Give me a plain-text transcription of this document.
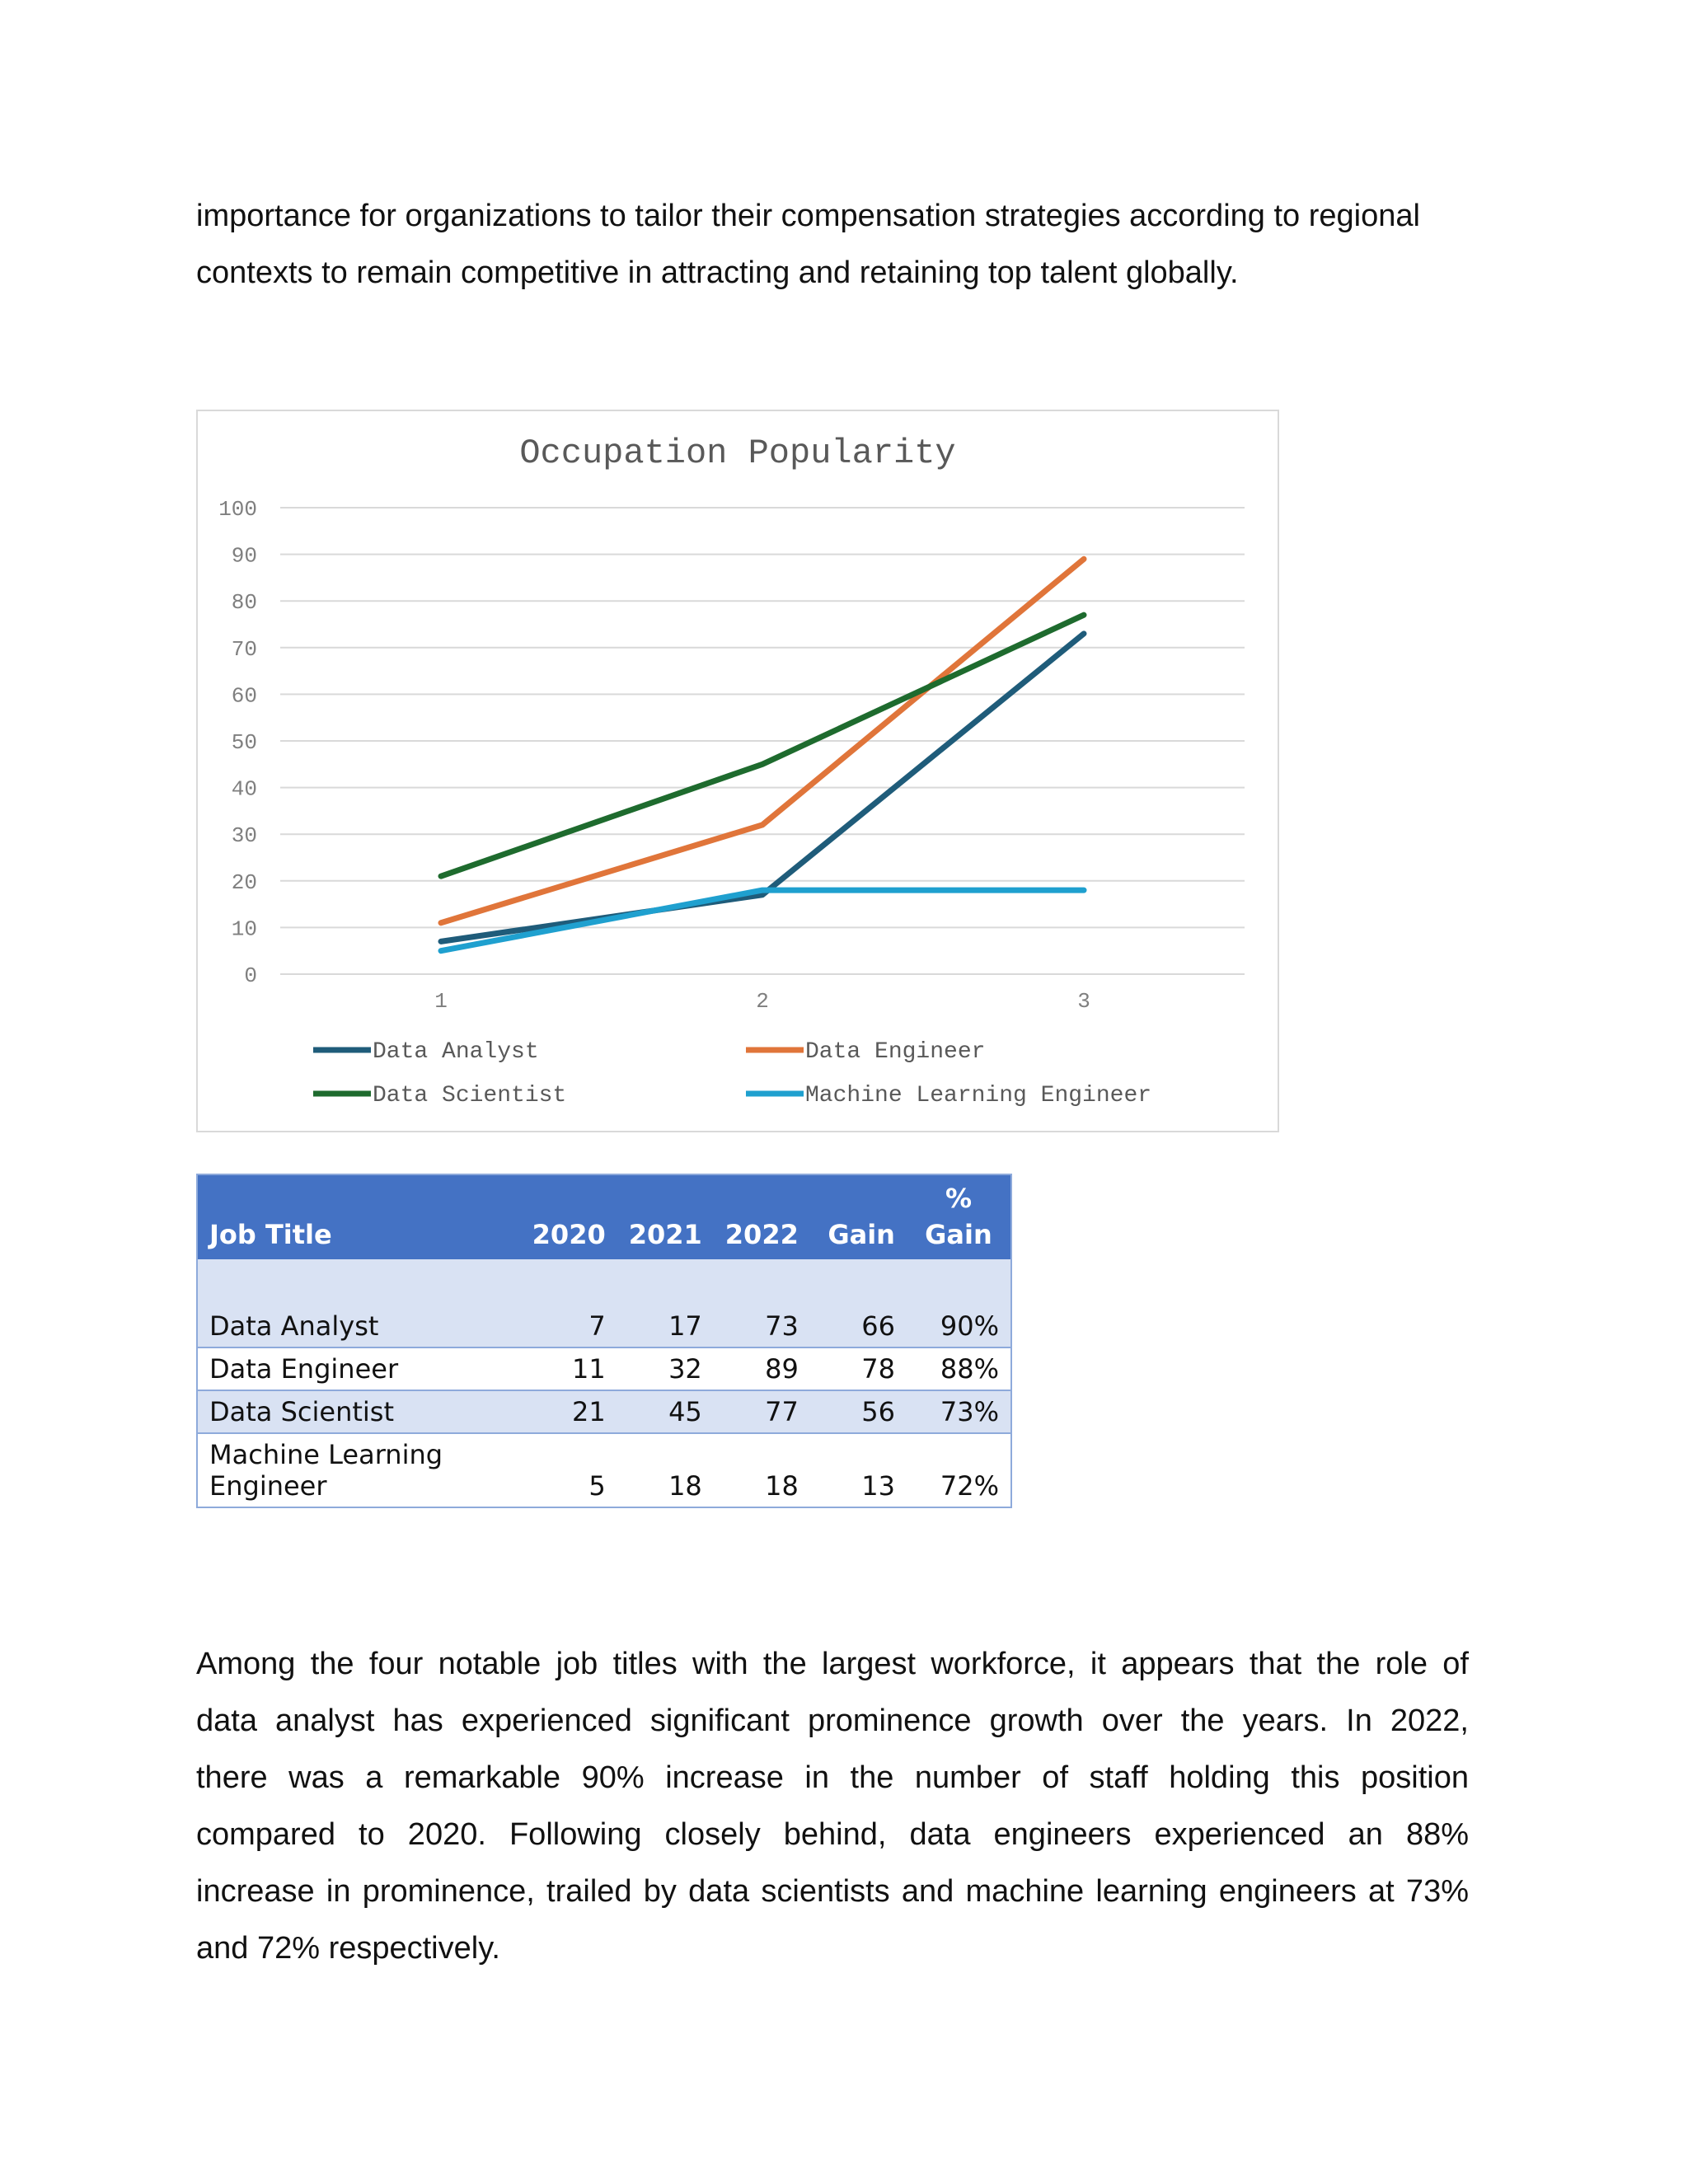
importance for organizations to tailor their compensation strategies according to regional
contexts to remain competitive in attracting and retaining top talent globally.
Occupation Popularity
0
10
20
30
40
50
60
70
80
90
100
1	2	3
Data Analyst	Data Engineer
Data Scientist	Machine Learning Engineer
Job Title	2020	2021	2022	Gain	%
Gain

Data Analyst	7	17	73	66	90%
Data Engineer	11	32	89	78	88%
Data Scientist	21	45	77	56	73%

Machine Learning
Engineer	5	18	18	13	72%
Among the four notable job titles with the largest workforce, it appears that the role of
data analyst has experienced significant prominence growth over the years. In 2022,
there was a remarkable 90% increase in the number of staff holding this position
compared to 2020. Following closely behind, data engineers experienced an 88%
increase in prominence, trailed by data scientists and machine learning engineers at 73%
and 72% respectively.
